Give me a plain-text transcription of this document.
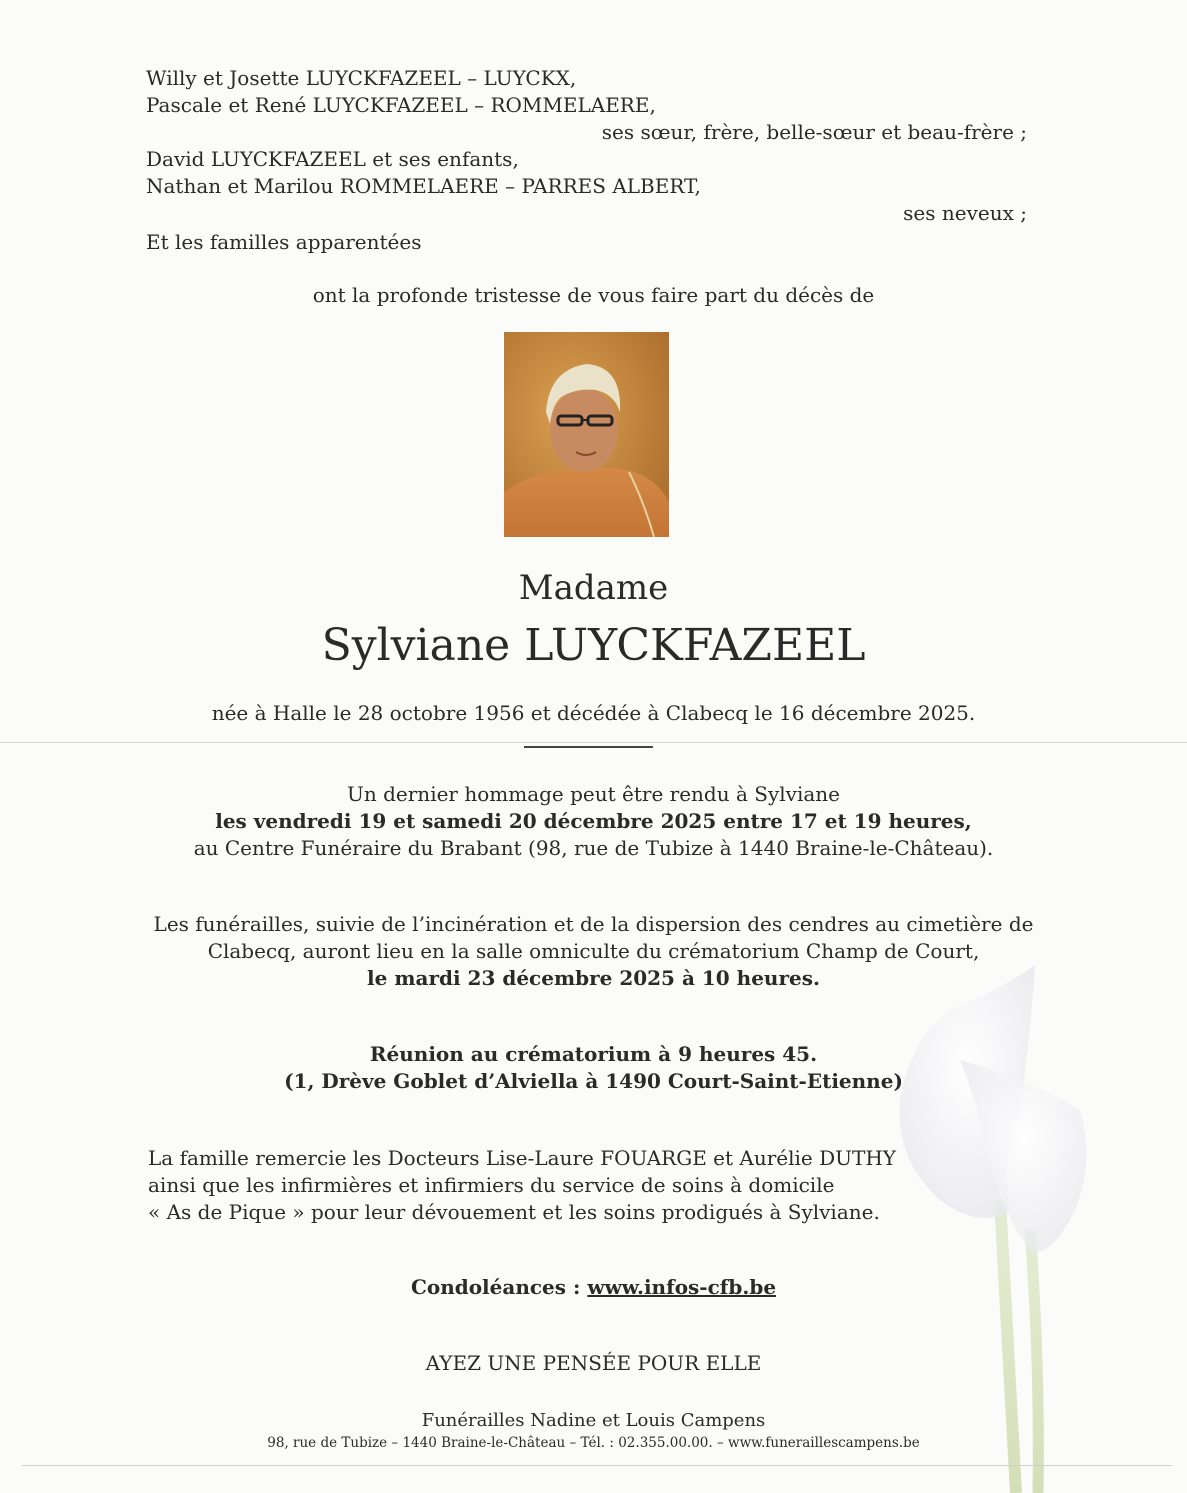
Willy et Josette LUYCKFAZEEL – LUYCKX,
Pascale et René LUYCKFAZEEL – ROMMELAERE,
ses sœur, frère, belle-sœur et beau-frère ;
David LUYCKFAZEEL et ses enfants,
Nathan et Marilou ROMMELAERE – PARRES ALBERT,
ses neveux ;
Et les familles apparentées
ont la profonde tristesse de vous faire part du décès de
Madame
Sylviane LUYCKFAZEEL
née à Halle le 28 octobre 1956 et décédée à Clabecq le 16 décembre 2025.
Un dernier hommage peut être rendu à Sylviane
les vendredi 19 et samedi 20 décembre 2025 entre 17 et 19 heures,
au Centre Funéraire du Brabant (98, rue de Tubize à 1440 Braine-le-Château).
Les funérailles, suivie de l’incinération et de la dispersion des cendres au cimetière de
Clabecq, auront lieu en la salle omniculte du crématorium Champ de Court,
le mardi 23 décembre 2025 à 10 heures.
Réunion au crématorium à 9 heures 45.
(1, Drève Goblet d’Alviella à 1490 Court-Saint-Etienne)
La famille remercie les Docteurs Lise-Laure FOUARGE et Aurélie DUTHY
ainsi que les infirmières et infirmiers du service de soins à domicile
« As de Pique » pour leur dévouement et les soins prodigués à Sylviane.
Condoléances : www.infos-cfb.be
AYEZ UNE PENSÉE POUR ELLE
Funérailles Nadine et Louis Campens
98, rue de Tubize – 1440 Braine-le-Château – Tél. : 02.355.00.00. – www.funeraillescampens.be
